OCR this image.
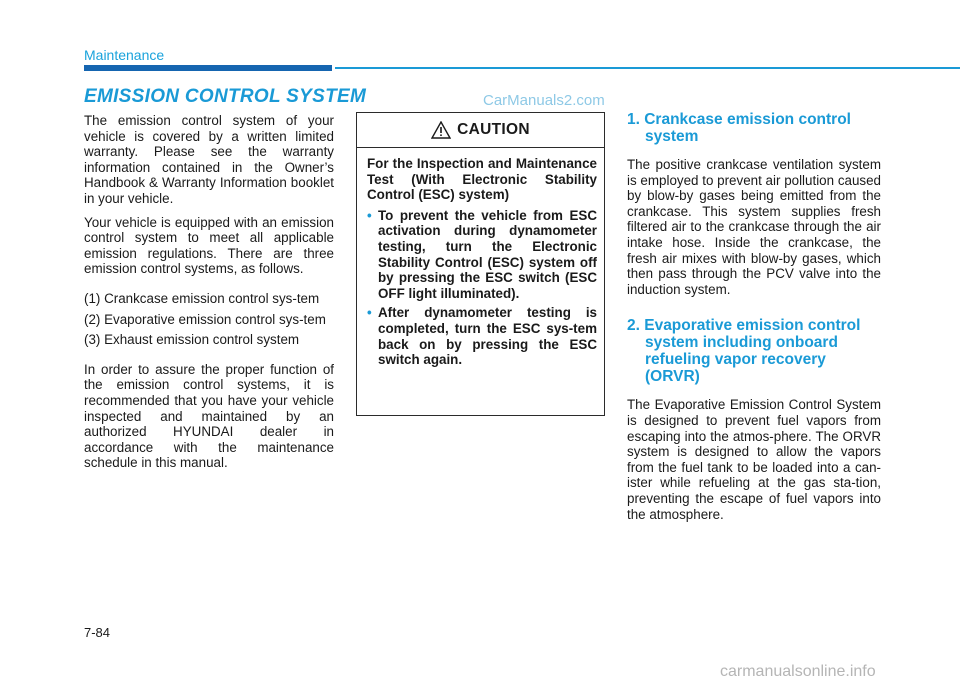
Maintenance
EMISSION CONTROL SYSTEM	CarManuals2.com

The emission control system of your vehicle is covered by a written limited warranty. Please see the warranty information contained in the Owner’s Handbook & Warranty Information booklet in your vehicle.

Your vehicle is equipped with an emission control system to meet all applicable emission regulations. There are three emission control systems, as follows.

(1) Crankcase emission control sys-tem
(2) Evaporative emission control sys-tem
(3) Exhaust emission control system

In order to assure the proper function of the emission control systems, it is recommended that you have your vehicle inspected and maintained by an authorized HYUNDAI dealer in accordance with the maintenance schedule in this manual.

CAUTION

For the Inspection and Maintenance Test (With Electronic Stability Control (ESC) system)

• To prevent the vehicle from ESC activation during dynamometer testing, turn the Electronic Stability Control (ESC) system off by pressing the ESC switch (ESC OFF light illuminated).
• After dynamometer testing is completed, turn the ESC sys-tem back on by pressing the ESC switch again.
1. Crankcase emission control system

The positive crankcase ventilation system is employed to prevent air pollution caused by blow-by gases being emitted from the crankcase. This system supplies fresh filtered air to the crankcase through the air intake hose. Inside the crankcase, the fresh air mixes with blow-by gases, which then pass through the PCV valve into the induction system.

2. Evaporative emission control system including onboard refueling vapor recovery (ORVR)

The Evaporative Emission Control System is designed to prevent fuel vapors from escaping into the atmos-phere. The ORVR system is designed to allow the vapors from the fuel tank to be loaded into a can-ister while refueling at the gas sta-tion, preventing the escape of fuel vapors into the atmosphere.

7-84
carmanualsonline.info
